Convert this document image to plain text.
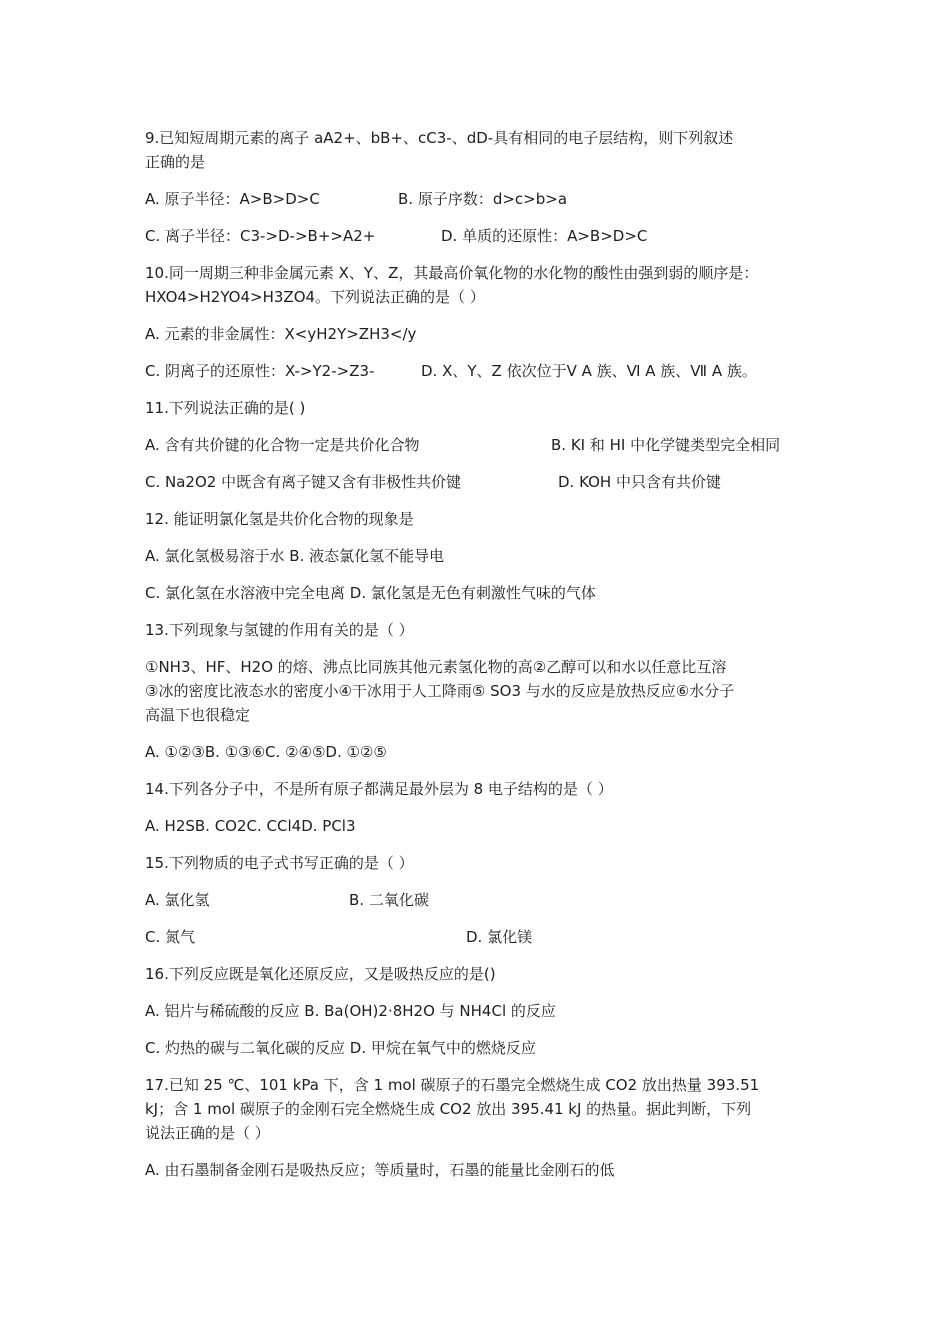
9.已知短周期元素的离子 aA2+、bB+、cC3-、dD-具有相同的电子层结构，则下列叙述
正确的是
A. 原子半径：A>B>D>C	B. 原子序数：d>c>b>a
C. 离子半径：C3->D->B+>A2+	D. 单质的还原性：A>B>D>C
10.同一周期三种非金属元素 X、Y、Z，其最高价氧化物的水化物的酸性由强到弱的顺序是：
HXO4>H2YO4>H3ZO4。下列说法正确的是（ ）
A. 元素的非金属性：X<yH2Y>ZH3</y
C. 阴离子的还原性：X->Y2->Z3-	D. X、Y、Z 依次位于Ⅴ A 族、Ⅵ A 族、Ⅶ A 族。
11.下列说法正确的是( )
A. 含有共价键的化合物一定是共价化合物	B. KI 和 HI 中化学键类型完全相同
C. Na2O2 中既含有离子键又含有非极性共价键	D. KOH 中只含有共价键
12. 能证明氯化氢是共价化合物的现象是
A. 氯化氢极易溶于水 B. 液态氯化氢不能导电
C. 氯化氢在水溶液中完全电离 D. 氯化氢是无色有刺激性气味的气体
13.下列现象与氢键的作用有关的是（ ）
①NH3、HF、H2O 的熔、沸点比同族其他元素氢化物的高②乙醇可以和水以任意比互溶
③冰的密度比液态水的密度小④干冰用于人工降雨⑤ SO3 与水的反应是放热反应⑥水分子
高温下也很稳定
A. ①②③B. ①③⑥C. ②④⑤D. ①②⑤
14.下列各分子中，不是所有原子都满足最外层为 8 电子结构的是（ ）
A. H2SB. CO2C. CCl4D. PCl3
15.下列物质的电子式书写正确的是（ ）
A. 氯化氢	B. 二氧化碳
C. 氮气	D. 氯化镁
16.下列反应既是氧化还原反应，又是吸热反应的是()
A. 铝片与稀硫酸的反应 B. Ba(OH)2·8H2O 与 NH4Cl 的反应
C. 灼热的碳与二氧化碳的反应 D. 甲烷在氧气中的燃烧反应
17.已知 25 ℃、101 kPa 下，含 1 mol 碳原子的石墨完全燃烧生成 CO2 放出热量 393.51
kJ；含 1 mol 碳原子的金刚石完全燃烧生成 CO2 放出 395.41 kJ 的热量。据此判断，下列
说法正确的是（ ）
A. 由石墨制备金刚石是吸热反应；等质量时，石墨的能量比金刚石的低
